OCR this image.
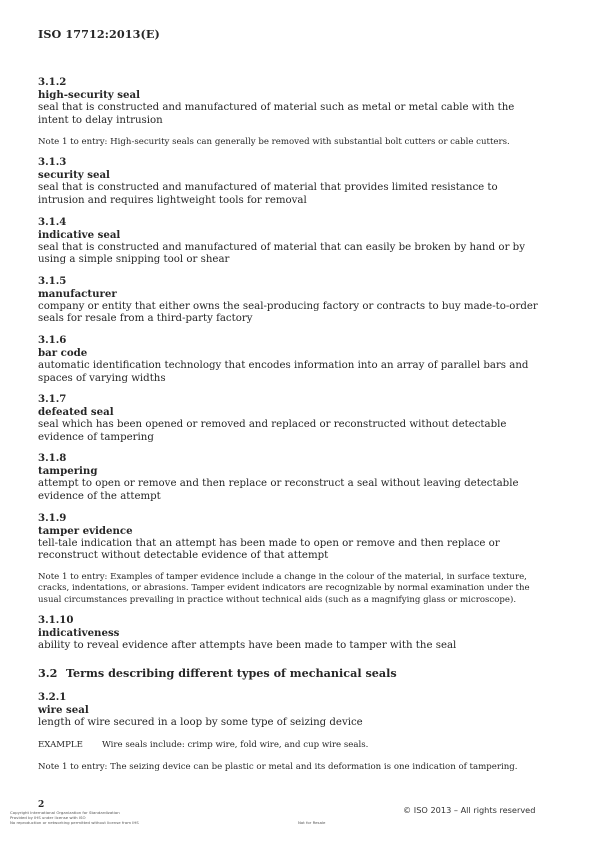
ISO 17712:2013(E)
3.1.2
high-security seal
seal that is constructed and manufactured of material such as metal or metal cable with the intent to delay intrusion
Note 1 to entry: High-security seals can generally be removed with substantial bolt cutters or cable cutters.
3.1.3
security seal
seal that is constructed and manufactured of material that provides limited resistance to intrusion and requires lightweight tools for removal
3.1.4
indicative seal
seal that is constructed and manufactured of material that can easily be broken by hand or by using a simple snipping tool or shear
3.1.5
manufacturer
company or entity that either owns the seal-producing factory or contracts to buy made-to-order seals for resale from a third-party factory
3.1.6
bar code
automatic identification technology that encodes information into an array of parallel bars and spaces of varying widths
3.1.7
defeated seal
seal which has been opened or removed and replaced or reconstructed without detectable evidence of tampering
3.1.8
tampering
attempt to open or remove and then replace or reconstruct a seal without leaving detectable evidence of the attempt
3.1.9
tamper evidence
tell-tale indication that an attempt has been made to open or remove and then replace or reconstruct without detectable evidence of that attempt
Note 1 to entry: Examples of tamper evidence include a change in the colour of the material, in surface texture, cracks, indentations, or abrasions. Tamper evident indicators are recognizable by normal examination under the usual circumstances prevailing in practice without technical aids (such as a magnifying glass or microscope).
3.1.10
indicativeness
ability to reveal evidence after attempts have been made to tamper with the seal
3.2 Terms describing different types of mechanical seals
3.2.1
wire seal
length of wire secured in a loop by some type of seizing device
EXAMPLE Wire seals include: crimp wire, fold wire, and cup wire seals.
Note 1 to entry: The seizing device can be plastic or metal and its deformation is one indication of tampering.
2	© ISO 2013 – All rights reserved
Copyright International Organization for Standardization
Provided by IHS under license with ISO
No reproduction or networking permitted without license from IHS	Not for Resale
